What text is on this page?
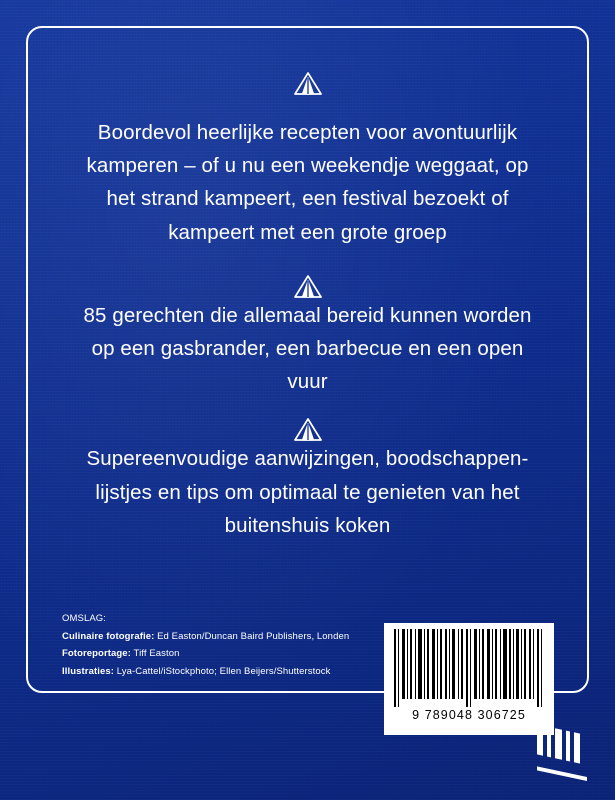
Boordevol heerlijke recepten voor avontuurlijk kamperen – of u nu een weekendje weggaat, op het strand kampeert, een festival bezoekt of kampeert met een grote groep
85 gerechten die allemaal bereid kunnen worden op een gasbrander, een barbecue en een open vuur
Supereenvoudige aanwijzingen, boodschappen-lijstjes en tips om optimaal te genieten van het buitenshuis koken
OMSLAG:
Culinaire fotografie: Ed Easton/Duncan Baird Publishers, Londen
Fotoreportage: Tiff Easton
Illustraties: Lya-Cattel/iStockphoto; Ellen Beijers/Shutterstock
9 789048 306725
